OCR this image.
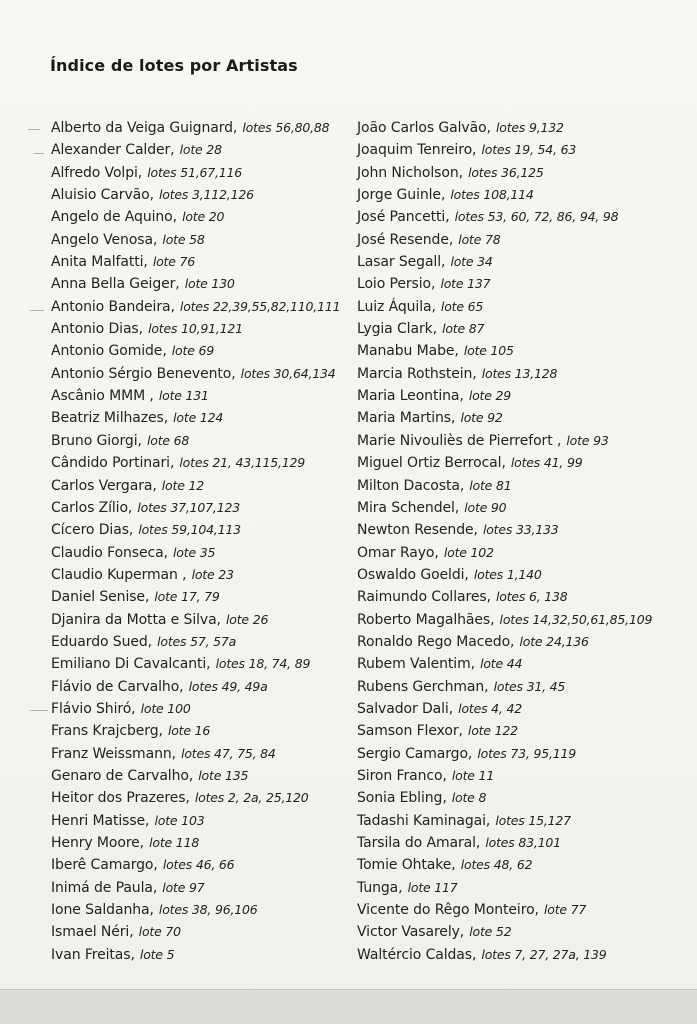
Índice de lotes por Artistas
Alberto da Veiga Guignard, lotes 56,80,88
Alexander Calder, lote 28
Alfredo Volpi, lotes 51,67,116
Aluisio Carvão, lotes 3,112,126
Angelo de Aquino, lote 20
Angelo Venosa, lote 58
Anita Malfatti, lote 76
Anna Bella Geiger, lote 130
Antonio Bandeira, lotes 22,39,55,82,110,111
Antonio Dias, lotes 10,91,121
Antonio Gomide, lote 69
Antonio Sérgio Benevento, lotes 30,64,134
Ascânio MMM , lote 131
Beatriz Milhazes, lote 124
Bruno Giorgi, lote 68
Cândido Portinari, lotes 21, 43,115,129
Carlos Vergara, lote 12
Carlos Zílio, lotes 37,107,123
Cícero Dias, lotes 59,104,113
Claudio Fonseca, lote 35
Claudio Kuperman , lote 23
Daniel Senise, lote 17, 79
Djanira da Motta e Silva, lote 26
Eduardo Sued, lotes 57, 57a
Emiliano Di Cavalcanti, lotes 18, 74, 89
Flávio de Carvalho, lotes 49, 49a
Flávio Shiró, lote 100
Frans Krajcberg, lote 16
Franz Weissmann, lotes 47, 75, 84
Genaro de Carvalho, lote 135
Heitor dos Prazeres, lotes 2, 2a, 25,120
Henri Matisse, lote 103
Henry Moore, lote 118
Iberê Camargo, lotes 46, 66
Inimá de Paula, lote 97
Ione Saldanha, lotes 38, 96,106
Ismael Néri, lote 70
Ivan Freitas, lote 5
João Carlos Galvão, lotes 9,132
Joaquim Tenreiro, lotes 19, 54, 63
John Nicholson, lotes 36,125
Jorge Guinle, lotes 108,114
José Pancetti, lotes 53, 60, 72, 86, 94, 98
José Resende, lote 78
Lasar Segall, lote 34
Loio Persio, lote 137
Luiz Áquila, lote 65
Lygia Clark, lote 87
Manabu Mabe, lote 105
Marcia Rothstein, lotes 13,128
Maria Leontina, lote 29
Maria Martins, lote 92
Marie Nivouliès de Pierrefort , lote 93
Miguel Ortiz Berrocal, lotes 41, 99
Milton Dacosta, lote 81
Mira Schendel, lote 90
Newton Resende, lotes 33,133
Omar Rayo, lote 102
Oswaldo Goeldi, lotes 1,140
Raimundo Collares, lotes 6, 138
Roberto Magalhães, lotes 14,32,50,61,85,109
Ronaldo Rego Macedo, lote 24,136
Rubem Valentim, lote 44
Rubens Gerchman, lotes 31, 45
Salvador Dali, lotes 4, 42
Samson Flexor, lote 122
Sergio Camargo, lotes 73, 95,119
Siron Franco, lote 11
Sonia Ebling, lote 8
Tadashi Kaminagai, lotes 15,127
Tarsila do Amaral, lotes 83,101
Tomie Ohtake, lotes 48, 62
Tunga, lote 117
Vicente do Rêgo Monteiro, lote 77
Victor Vasarely, lote 52
Waltércio Caldas, lotes 7, 27, 27a, 139
